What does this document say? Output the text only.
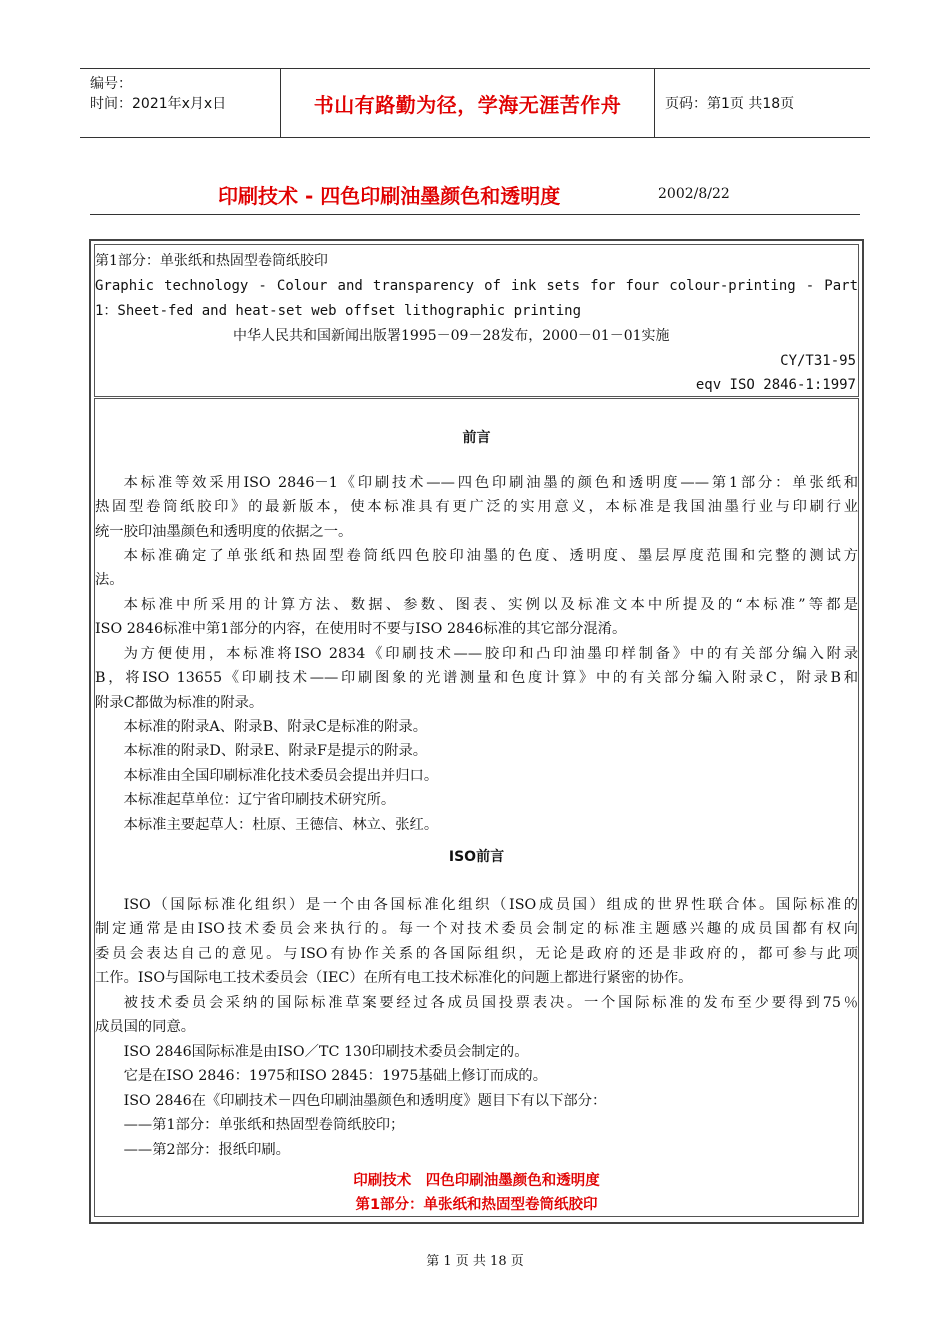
编号：
时间：2021年x月x日	书山有路勤为径，学海无涯苦作舟	页码：第1页 共18页
印刷技术 - 四色印刷油墨颜色和透明度	2002/8/22
第1部分：单张纸和热固型卷筒纸胶印
Graphic technology - Colour and transparency of ink sets for four colour-printing - Part
1：Sheet-fed and heat-set web offset lithographic printing
中华人民共和国新闻出版署1995－09－28发布，2000－01－01实施
CY/T31-95
eqv ISO 2846-1:1997
前言
本标准等效采用ISO 2846－1《印刷技术——四色印刷油墨的颜色和透明度——第1部分：单张纸和
热固型卷筒纸胶印》的最新版本，使本标准具有更广泛的实用意义，本标准是我国油墨行业与印刷行业
统一胶印油墨颜色和透明度的依据之一。
本标准确定了单张纸和热固型卷筒纸四色胶印油墨的色度、透明度、墨层厚度范围和完整的测试方
法。
本标准中所采用的计算方法、数据、参数、图表、实例以及标准文本中所提及的“本标准”等都是
ISO 2846标准中第1部分的内容，在使用时不要与ISO 2846标准的其它部分混淆。
为方便使用，本标准将ISO 2834《印刷技术——胶印和凸印油墨印样制备》中的有关部分编入附录
B，将ISO 13655《印刷技术——印刷图象的光谱测量和色度计算》中的有关部分编入附录C，附录B和
附录C都做为标准的附录。
本标准的附录A、附录B、附录C是标准的附录。
本标准的附录D、附录E、附录F是提示的附录。
本标准由全国印刷标准化技术委员会提出并归口。
本标准起草单位：辽宁省印刷技术研究所。
本标准主要起草人：杜原、王德信、林立、张红。
ISO前言
ISO（国际标准化组织）是一个由各国标准化组织（ISO成员国）组成的世界性联合体。国际标准的
制定通常是由ISO技术委员会来执行的。每一个对技术委员会制定的标准主题感兴趣的成员国都有权向
委员会表达自己的意见。与ISO有协作关系的各国际组织，无论是政府的还是非政府的，都可参与此项
工作。ISO与国际电工技术委员会（IEC）在所有电工技术标准化的问题上都进行紧密的协作。
被技术委员会采纳的国际标准草案要经过各成员国投票表决。一个国际标准的发布至少要得到75％
成员国的同意。
ISO 2846国际标准是由ISO／TC 130印刷技术委员会制定的。
它是在ISO 2846：1975和ISO 2845：1975基础上修订而成的。
ISO 2846在《印刷技术－四色印刷油墨颜色和透明度》题目下有以下部分：
——第1部分：单张纸和热固型卷筒纸胶印；
——第2部分：报纸印刷。
印刷技术　四色印刷油墨颜色和透明度
第1部分：单张纸和热固型卷筒纸胶印
第 1 页 共 18 页
